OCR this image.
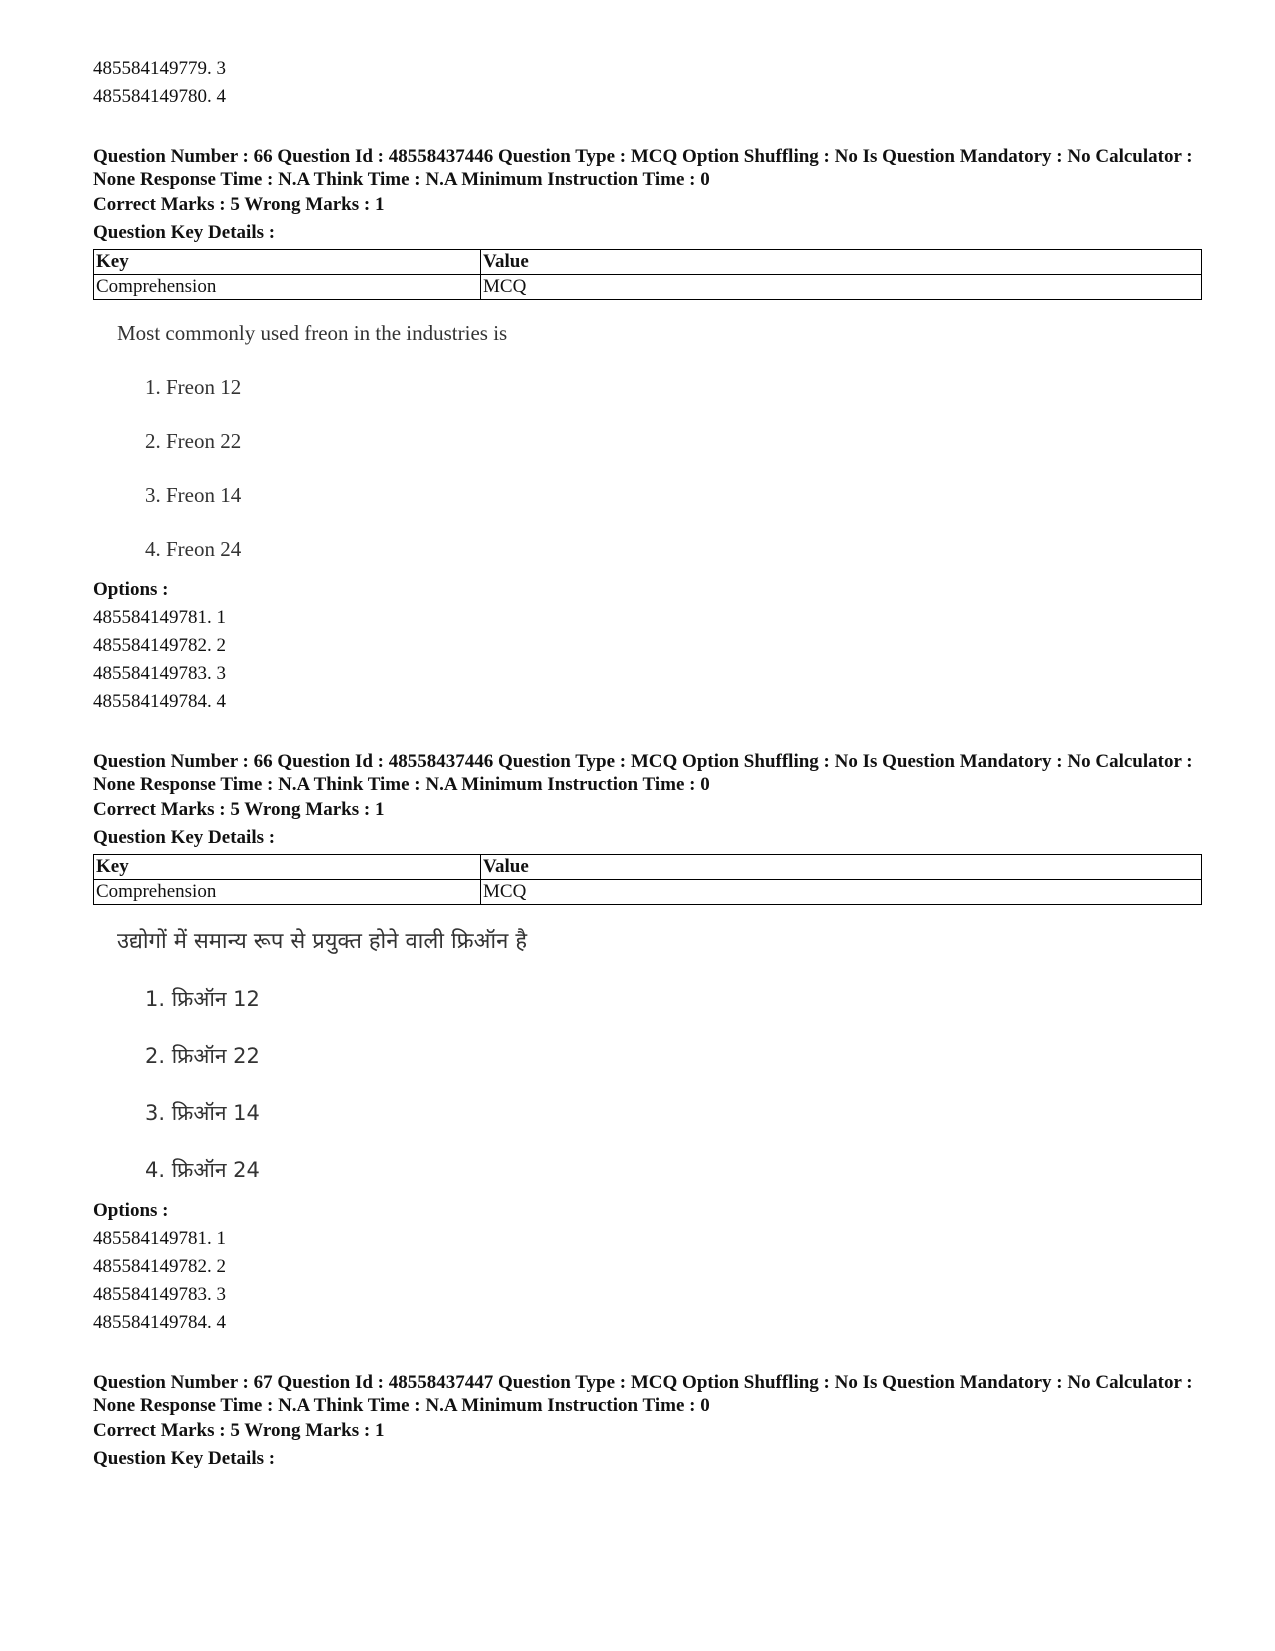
485584149779. 3
485584149780. 4
Question Number : 66 Question Id : 48558437446 Question Type : MCQ Option Shuffling : No Is Question Mandatory : No Calculator : None Response Time : N.A Think Time : N.A Minimum Instruction Time : 0
Correct Marks : 5 Wrong Marks : 1
Question Key Details :
Key	Value
Comprehension	MCQ
Most commonly used freon in the industries is
1. Freon 12
2. Freon 22
3. Freon 14
4. Freon 24
Options :
485584149781. 1
485584149782. 2
485584149783. 3
485584149784. 4
Question Number : 66 Question Id : 48558437446 Question Type : MCQ Option Shuffling : No Is Question Mandatory : No Calculator : None Response Time : N.A Think Time : N.A Minimum Instruction Time : 0
Correct Marks : 5 Wrong Marks : 1
Question Key Details :
Key	Value
Comprehension	MCQ
उद्योगों में समान्य रूप से प्रयुक्त होने वाली फ्रिऑन है
1. फ्रिऑन 12
2. फ्रिऑन 22
3. फ्रिऑन 14
4. फ्रिऑन 24
Options :
485584149781. 1
485584149782. 2
485584149783. 3
485584149784. 4
Question Number : 67 Question Id : 48558437447 Question Type : MCQ Option Shuffling : No Is Question Mandatory : No Calculator : None Response Time : N.A Think Time : N.A Minimum Instruction Time : 0
Correct Marks : 5 Wrong Marks : 1
Question Key Details :
